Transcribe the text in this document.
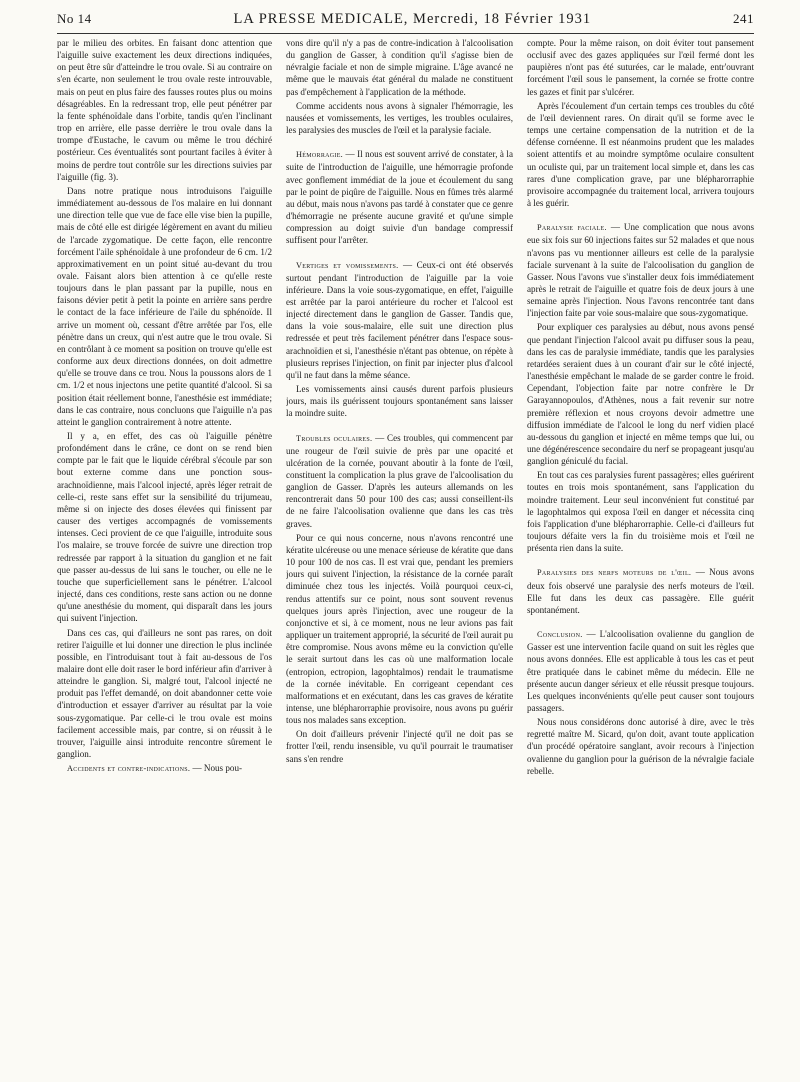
No 14	LA PRESSE MEDICALE, Mercredi, 18 Février 1931	241

par le milieu des orbites. En faisant donc attention que l'aiguille suive exactement les deux directions indiquées, on peut être sûr d'atteindre le trou ovale. Si au contraire on s'en écarte, non seulement le trou ovale reste introuvable, mais on peut en plus faire des fausses routes plus ou moins désagréables. En la redressant trop, elle peut pénétrer par la fente sphénoïdale dans l'orbite, tandis qu'en l'inclinant trop en arrière, elle passe derrière le trou ovale dans la trompe d'Eustache, le cavum ou même le trou déchiré postérieur. Ces éventualités sont pourtant faciles à éviter à moins de perdre tout contrôle sur les directions suivies par l'aiguille (fig. 3).

Dans notre pratique nous introduisons l'aiguille immédiatement au-dessous de l'os malaire en lui donnant une direction telle que vue de face elle vise bien la pupille, mais de côté elle est dirigée légèrement en avant du milieu de l'arcade zygomatique. De cette façon, elle rencontre forcément l'aile sphénoïdale à une profondeur de 6 cm. 1/2 approximativement en un point situé au-devant du trou ovale. Faisant alors bien attention à ce qu'elle reste toujours dans le plan passant par la pupille, nous en faisons dévier petit à petit la pointe en arrière sans perdre le contact de la face inférieure de l'aile du sphénoïde. Il arrive un moment où, cessant d'être arrêtée par l'os, elle pénètre dans un creux, qui n'est autre que le trou ovale. Si en contrôlant à ce moment sa position on trouve qu'elle est conforme aux deux directions données, on doit admettre qu'elle se trouve dans ce trou. Nous la poussons alors de 1 cm. 1/2 et nous injectons une petite quantité d'alcool. Si sa position était réellement bonne, l'anesthésie est immédiate; dans le cas contraire, nous concluons que l'aiguille n'a pas atteint le ganglion contrairement à notre attente.

Il y a, en effet, des cas où l'aiguille pénètre profondément dans le crâne, ce dont on se rend bien compte par le fait que le liquide cérébral s'écoule par son bout externe comme dans une ponction sous-arachnoïdienne, mais l'alcool injecté, après léger retrait de celle-ci, reste sans effet sur la sensibilité du trijumeau, même si on injecte des doses élevées qui finissent par causer des vertiges accompagnés de vomissements intenses. Ceci provient de ce que l'aiguille, introduite sous l'os malaire, se trouve forcée de suivre une direction trop redressée par rapport à la situation du ganglion et ne fait que passer au-dessus de lui sans le toucher, ou elle ne le touche que superficiellement sans le pénétrer. L'alcool injecté, dans ces conditions, reste sans action ou ne donne qu'une anesthésie du moment, qui disparaît dans les jours qui suivent l'injection.

Dans ces cas, qui d'ailleurs ne sont pas rares, on doit retirer l'aiguille et lui donner une direction le plus inclinée possible, en l'introduisant tout à fait au-dessous de l'os malaire dont elle doit raser le bord inférieur afin d'arriver à atteindre le ganglion. Si, malgré tout, l'alcool injecté ne produit pas l'effet demandé, on doit abandonner cette voie d'introduction et essayer d'arriver au résultat par la voie sous-zygomatique. Par celle-ci le trou ovale est moins facilement accessible mais, par contre, si on réussit à le trouver, l'aiguille ainsi introduite rencontre sûrement le ganglion.

Accidents et contre-indications. — Nous pou-

vons dire qu'il n'y a pas de contre-indication à l'alcoolisation du ganglion de Gasser, à condition qu'il s'agisse bien de névralgie faciale et non de simple migraine. L'âge avancé ne même que le mauvais état général du malade ne constituent pas d'empêchement à l'application de la méthode.

Comme accidents nous avons à signaler l'hémorragie, les nausées et vomissements, les vertiges, les troubles oculaires, les paralysies des muscles de l'œil et la paralysie faciale.

Hémorragie. — Il nous est souvent arrivé de constater, à la suite de l'introduction de l'aiguille, une hémorragie profonde avec gonflement immédiat de la joue et écoulement du sang par le point de piqûre de l'aiguille. Nous en fûmes très alarmé au début, mais nous n'avons pas tardé à constater que ce genre d'hémorragie ne présente aucune gravité et qu'une simple compression au doigt suivie d'un bandage compressif suffisent pour l'arrêter.

Vertiges et vomissements. — Ceux-ci ont été observés surtout pendant l'introduction de l'aiguille par la voie inférieure. Dans la voie sous-zygomatique, en effet, l'aiguille est arrêtée par la paroi antérieure du rocher et l'alcool est injecté directement dans le ganglion de Gasser. Tandis que, dans la voie sous-malaire, elle suit une direction plus redressée et peut très facilement pénétrer dans l'espace sous-arachnoïdien et si, l'anesthésie n'étant pas obtenue, on répète à plusieurs reprises l'injection, on finit par injecter plus d'alcool qu'il ne faut dans la même séance.

Les vomissements ainsi causés durent parfois plusieurs jours, mais ils guérissent toujours spontanément sans laisser la moindre suite.

Troubles oculaires. — Ces troubles, qui commencent par une rougeur de l'œil suivie de près par une opacité et ulcération de la cornée, pouvant aboutir à la fonte de l'œil, constituent la complication la plus grave de l'alcoolisation du ganglion de Gasser. D'après les auteurs allemands on les rencontrerait dans 50 pour 100 des cas; aussi conseillent-ils de ne faire l'alcoolisation ovalienne que dans les cas très graves.

Pour ce qui nous concerne, nous n'avons rencontré une kératite ulcéreuse ou une menace sérieuse de kératite que dans 10 pour 100 de nos cas. Il est vrai que, pendant les premiers jours qui suivent l'injection, la résistance de la cornée paraît diminuée chez tous les injectés. Voilà pourquoi ceux-ci, rendus attentifs sur ce point, nous sont souvent revenus quelques jours après l'injection, avec une rougeur de la conjonctive et si, à ce moment, nous ne leur avions pas fait appliquer un traitement approprié, la sécurité de l'œil aurait pu être compromise. Nous avons même eu la conviction qu'elle le serait surtout dans les cas où une malformation locale (entropion, ectropion, lagophtalmos) rendait le traumatisme de la cornée inévitable. En corrigeant cependant ces malformations et en exécutant, dans les cas graves de kératite intense, une blépharorraphie provisoire, nous avons pu guérir tous nos malades sans exception.

On doit d'ailleurs prévenir l'injecté qu'il ne doit pas se frotter l'œil, rendu insensible, vu qu'il pourrait le traumatiser sans s'en rendre

compte. Pour la même raison, on doit éviter tout pansement occlusif avec des gazes appliquées sur l'œil fermé dont les paupières n'ont pas été suturées, car le malade, entr'ouvrant forcément l'œil sous le pansement, la cornée se frotte contre les gazes et finit par s'ulcérer.

Après l'écoulement d'un certain temps ces troubles du côté de l'œil deviennent rares. On dirait qu'il se forme avec le temps une certaine compensation de la nutrition et de la défense cornéenne. Il est néanmoins prudent que les malades soient attentifs et au moindre symptôme oculaire consultent un oculiste qui, par un traitement local simple et, dans les cas rares d'une complication grave, par une blépharorraphie provisoire accompagnée du traitement local, arrivera toujours à les guérir.

Paralysie faciale. — Une complication que nous avons eue six fois sur 60 injections faites sur 52 malades et que nous n'avons pas vu mentionner ailleurs est celle de la paralysie faciale survenant à la suite de l'alcoolisation du ganglion de Gasser. Nous l'avons vue s'installer deux fois immédiatement après le retrait de l'aiguille et quatre fois de deux jours à une semaine après l'injection. Nous l'avons rencontrée tant dans l'injection faite par voie sous-malaire que sous-zygomatique.

Pour expliquer ces paralysies au début, nous avons pensé que pendant l'injection l'alcool avait pu diffuser sous la peau, dans les cas de paralysie immédiate, tandis que les paralysies retardées seraient dues à un courant d'air sur le côté injecté, l'anesthésie empêchant le malade de se garder contre le froid. Cependant, l'objection faite par notre confrère le Dr Garayannopoulos, d'Athènes, nous a fait revenir sur notre première réflexion et nous croyons devoir admettre une diffusion immédiate de l'alcool le long du nerf vidien placé au-dessous du ganglion et injecté en même temps que lui, ou une dégénérescence secondaire du nerf se propageant jusqu'au ganglion géniculé du facial.

En tout cas ces paralysies furent passagères; elles guérirent toutes en trois mois spontanément, sans l'application du moindre traitement. Leur seul inconvénient fut constitué par le lagophtalmos qui exposa l'œil en danger et nécessita cinq fois l'application d'une blépharorraphie. Celle-ci d'ailleurs fut toujours défaite vers la fin du troisième mois et l'œil ne présenta rien dans la suite.

Paralysies des nerfs moteurs de l'œil. — Nous avons deux fois observé une paralysie des nerfs moteurs de l'œil. Elle fut dans les deux cas passagère. Elle guérit spontanément.

Conclusion. — L'alcoolisation ovalienne du ganglion de Gasser est une intervention facile quand on suit les règles que nous avons données. Elle est applicable à tous les cas et peut être pratiquée dans le cabinet même du médecin. Elle ne présente aucun danger sérieux et elle réussit presque toujours. Les quelques inconvénients qu'elle peut causer sont toujours passagers.

Nous nous considérons donc autorisé à dire, avec le très regretté maître M. Sicard, qu'on doit, avant toute application d'un procédé opératoire sanglant, avoir recours à l'injection ovalienne du ganglion pour la guérison de la névralgie faciale rebelle.
